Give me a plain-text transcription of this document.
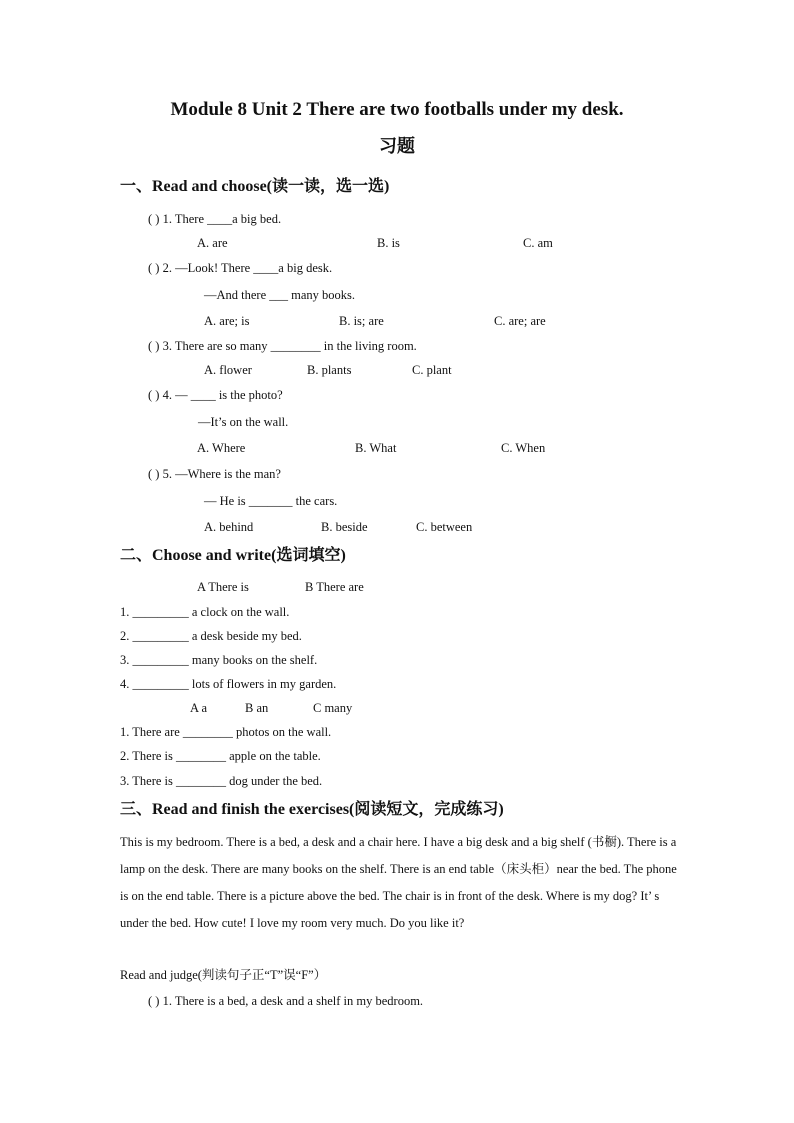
Module 8 Unit 2 There are two footballs under my desk.
习题
一、Read and choose(读一读，选一选)
( ) 1. There ____a big bed.
A. are	B. is	C. am
( ) 2. —Look! There ____a big desk.
—And there ___ many books.
A. are; is	B. is; are	C. are; are
( ) 3. There are so many ________ in the living room.
A. flower	B. plants	C. plant
( ) 4. — ____ is the photo?
—It’s on the wall.
A. Where	B. What	C. When
( ) 5. —Where is the man?
— He is _______ the cars.
A. behind	B. beside	C. between
二、Choose and write(选词填空)
A There is	B There are
1. _________ a clock on the wall.
2. _________ a desk beside my bed.
3. _________ many books on the shelf.
4. _________ lots of flowers in my garden.
A a	B an	C many
1. There are ________ photos on the wall.
2. There is ________ apple on the table.
3. There is ________ dog under the bed.
三、Read and finish the exercises(阅读短文，完成练习)
This is my bedroom. There is a bed, a desk and a chair here. I have a big desk and a big shelf (书橱). There is a lamp on the desk. There are many books on the shelf. There is an end table（床头柜）near the bed. The phone is on the end table. There is a picture above the bed. The chair is in front of the desk. Where is my dog? It’ s under the bed. How cute! I love my room very much. Do you like it?
Read and judge(判读句子正“T”误“F”）
( ) 1. There is a bed, a desk and a shelf in my bedroom.
